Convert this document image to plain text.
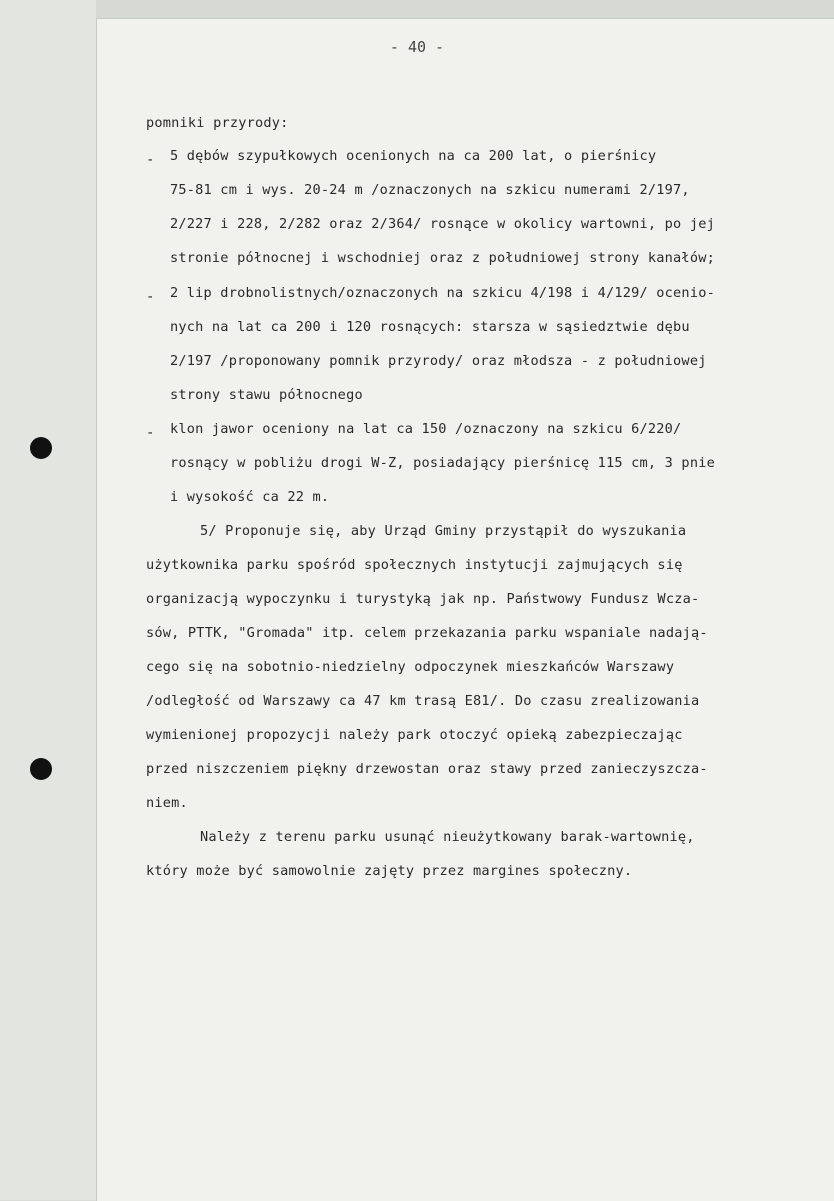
- 40 -
pomniki przyrody:
- 5 dębów szypułkowych ocenionych na ca 200 lat, o pierśnicy
75-81 cm i wys. 20-24 m /oznaczonych na szkicu numerami 2/197,
2/227 i 228, 2/282 oraz 2/364/ rosnące w okolicy wartowni, po jej
stronie północnej i wschodniej oraz z południowej strony kanałów;
- 2 lip drobnolistnych/oznaczonych na szkicu 4/198 i 4/129/ ocenio-
nych na lat ca 200 i 120 rosnących: starsza w sąsiedztwie dębu
2/197 /proponowany pomnik przyrody/ oraz młodsza - z południowej
strony stawu północnego
- klon jawor oceniony na lat ca 150 /oznaczony na szkicu 6/220/
rosnący w pobliżu drogi W-Z, posiadający pierśnicę 115 cm, 3 pnie
i wysokość ca 22 m.
5/ Proponuje się, aby Urząd Gminy przystąpił do wyszukania
użytkownika parku spośród społecznych instytucji zajmujących się
organizacją wypoczynku i turystyką jak np. Państwowy Fundusz Wcza-
sów, PTTK, "Gromada" itp. celem przekazania parku wspaniale nadają-
cego się na sobotnio-niedzielny odpoczynek mieszkańców Warszawy
/odległość od Warszawy ca 47 km trasą E81/. Do czasu zrealizowania
wymienionej propozycji należy park otoczyć opieką zabezpieczając
przed niszczeniem piękny drzewostan oraz stawy przed zanieczyszcza-
niem.
Należy z terenu parku usunąć nieużytkowany barak-wartownię,
który może być samowolnie zajęty przez margines społeczny.
